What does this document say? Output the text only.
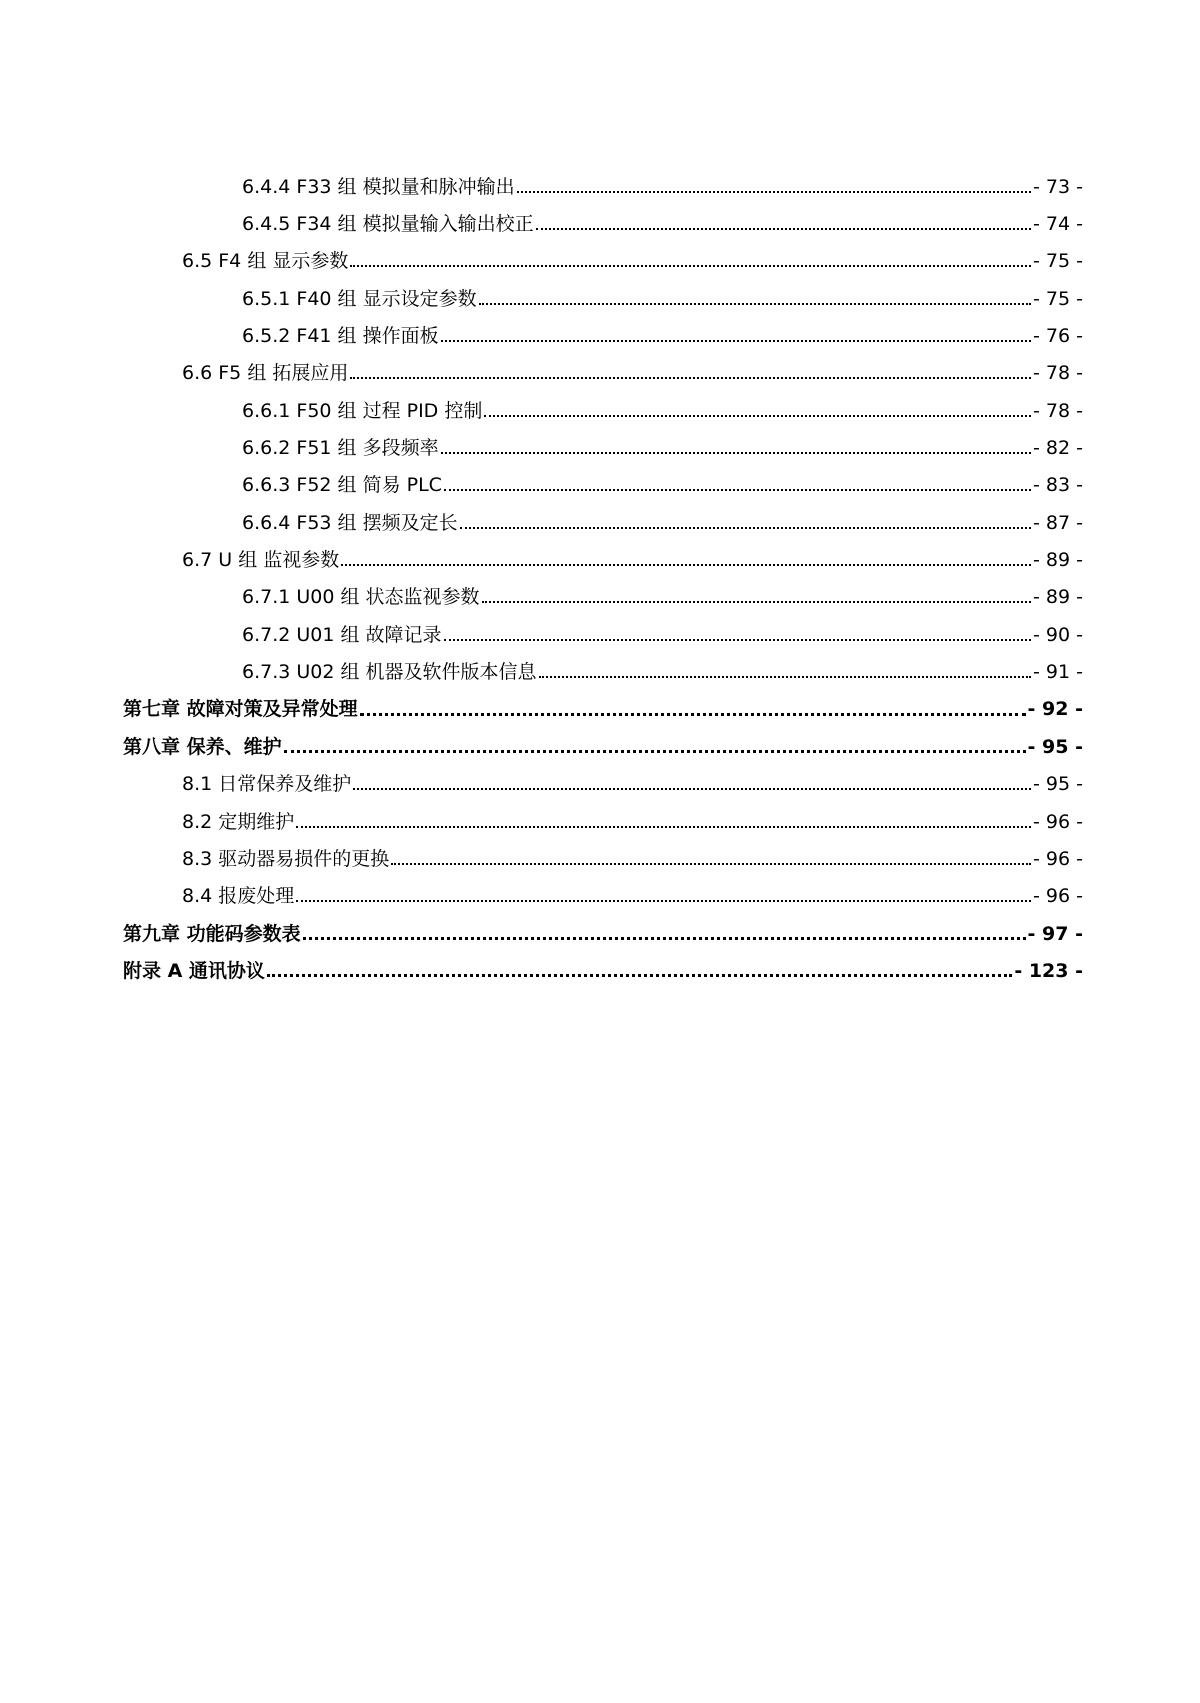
6.4.4 F33 组 模拟量和脉冲输出	- 73 -
6.4.5 F34 组 模拟量输入输出校正	- 74 -
6.5 F4 组 显示参数	- 75 -
6.5.1 F40 组 显示设定参数	- 75 -
6.5.2 F41 组 操作面板	- 76 -
6.6 F5 组 拓展应用	- 78 -
6.6.1 F50 组 过程 PID 控制	- 78 -
6.6.2 F51 组 多段频率	- 82 -
6.6.3 F52 组 简易 PLC	- 83 -
6.6.4 F53 组 摆频及定长	- 87 -
6.7 U 组 监视参数	- 89 -
6.7.1 U00 组 状态监视参数	- 89 -
6.7.2 U01 组 故障记录	- 90 -
6.7.3 U02 组 机器及软件版本信息	- 91 -
第七章 故障对策及异常处理	- 92 -
第八章 保养、维护	- 95 -
8.1 日常保养及维护	- 95 -
8.2 定期维护	- 96 -
8.3 驱动器易损件的更换	- 96 -
8.4 报废处理	- 96 -
第九章 功能码参数表	- 97 -
附录 A 通讯协议	- 123 -
